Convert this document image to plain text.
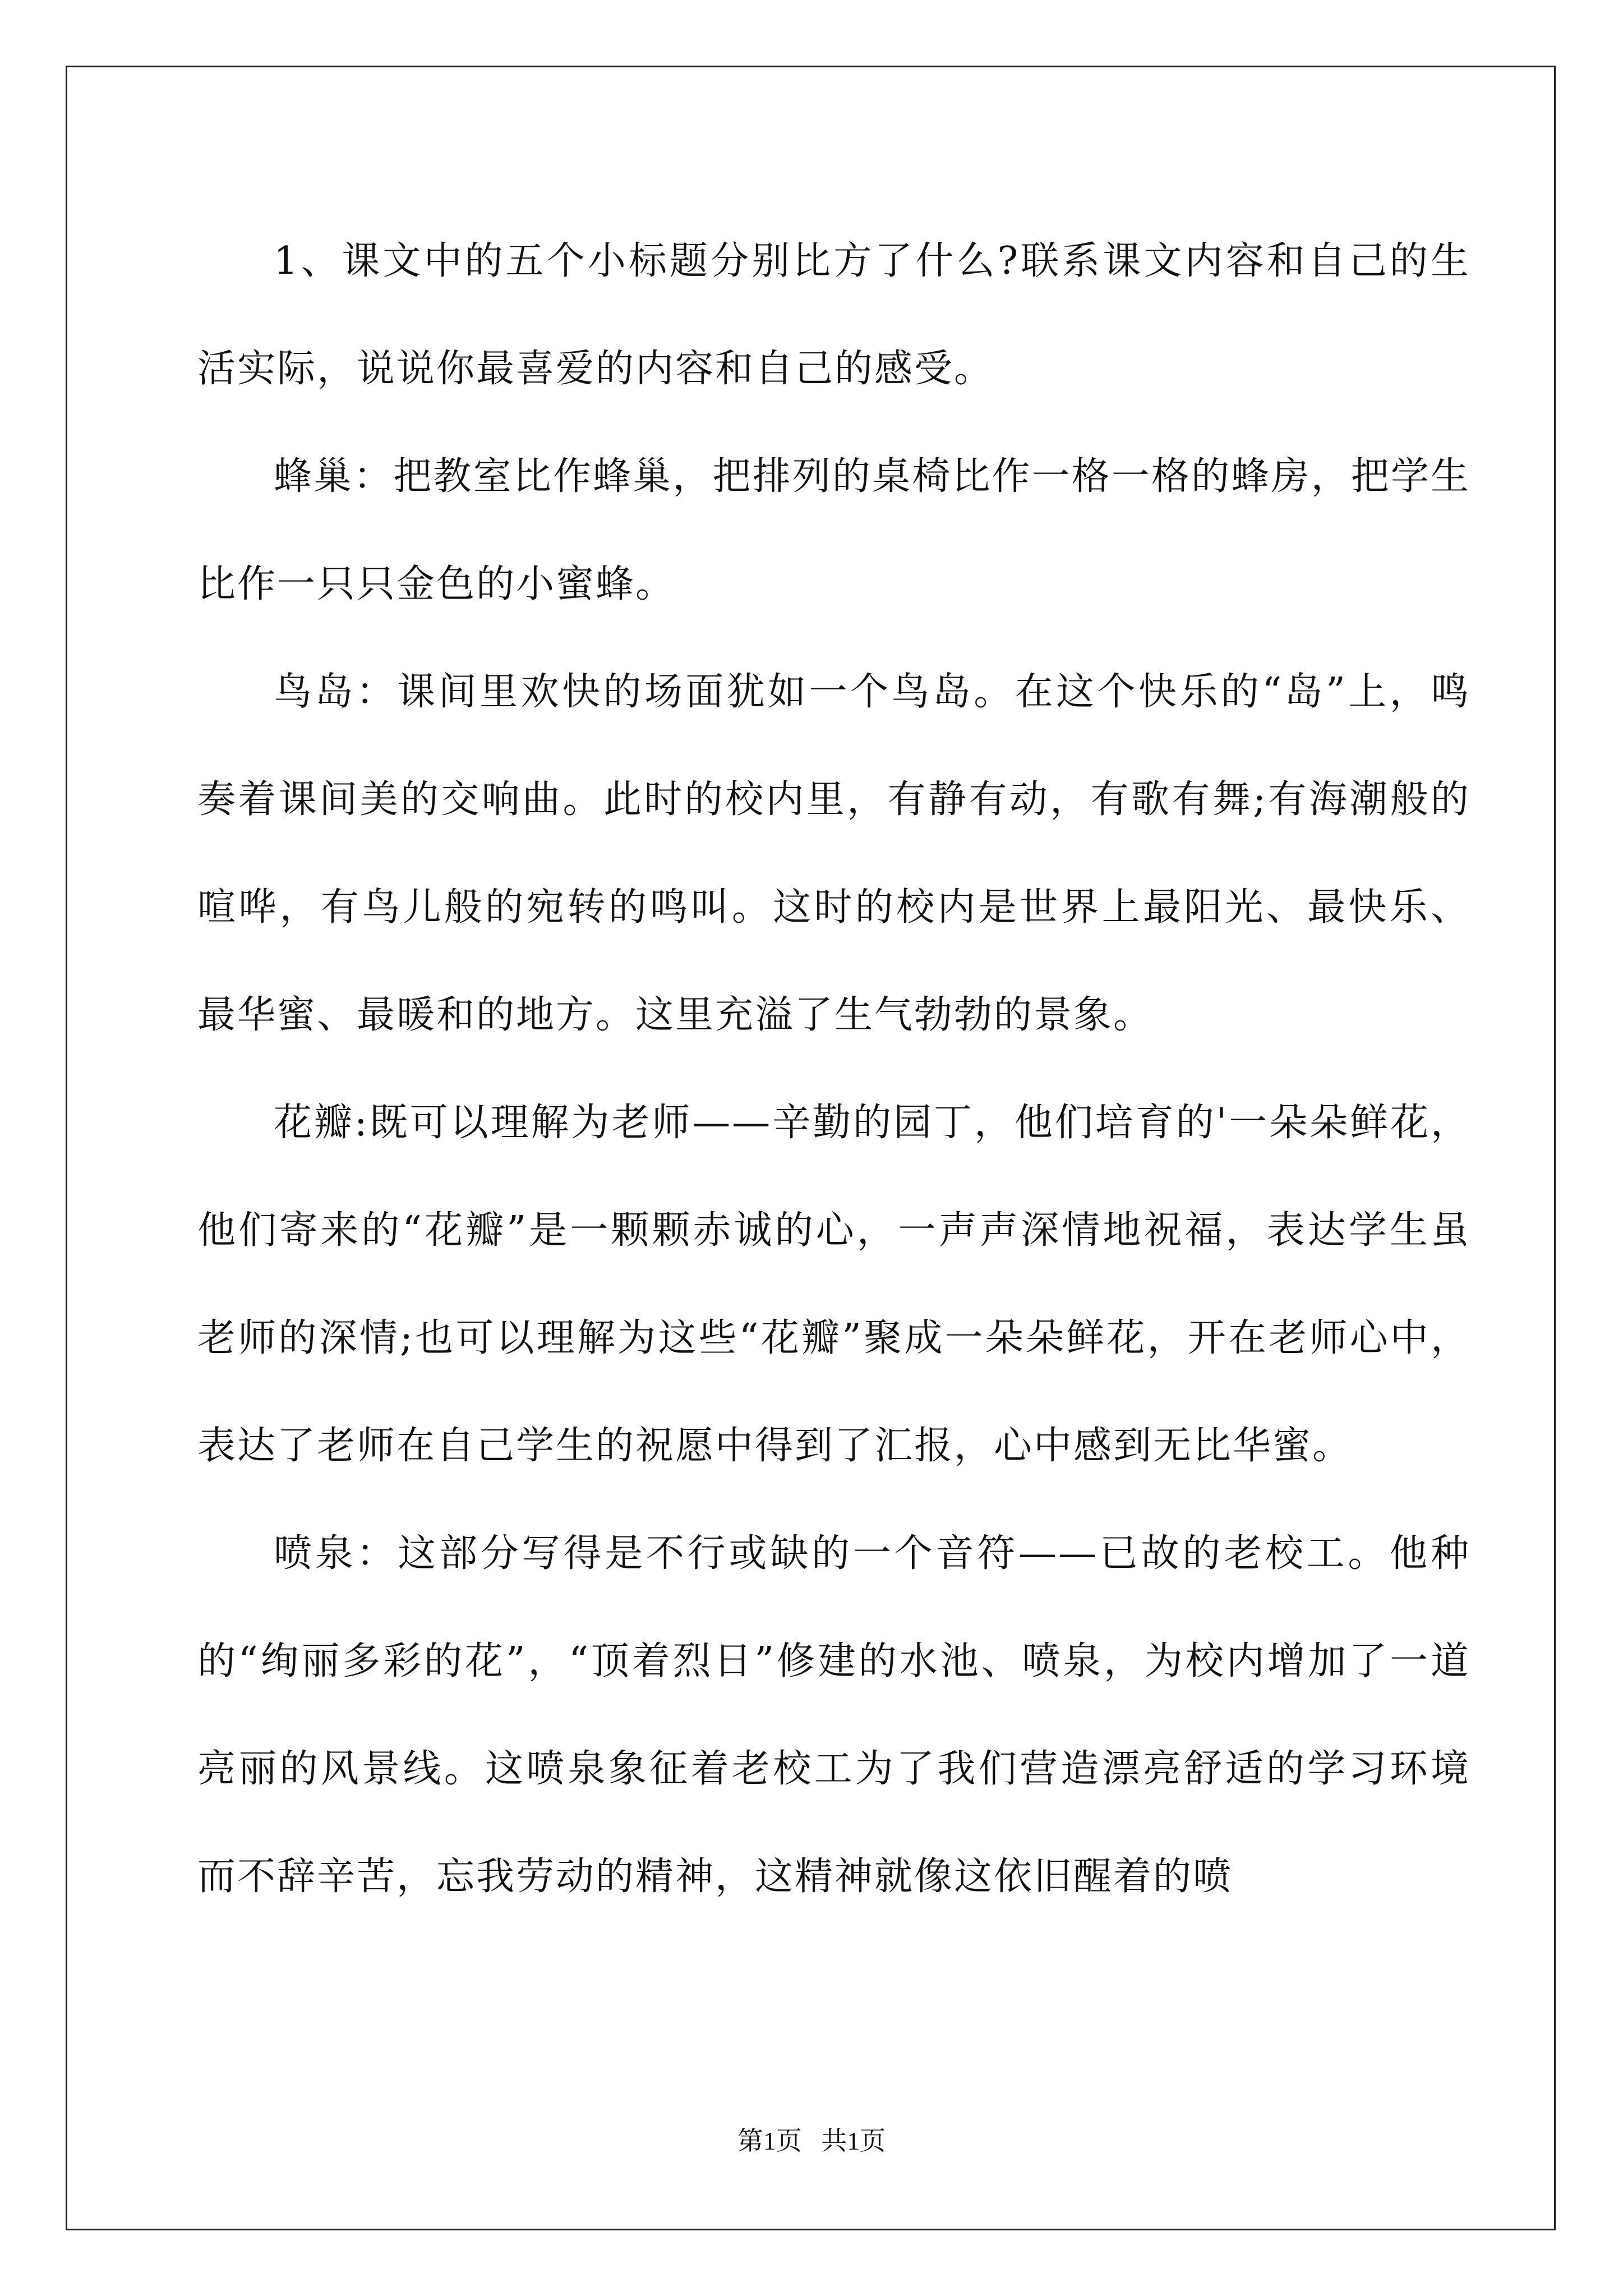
1、课文中的五个小标题分别比方了什么?联系课文内容和自己的生活实际，说说你最喜爱的内容和自己的感受。

蜂巢：把教室比作蜂巢，把排列的桌椅比作一格一格的蜂房，把学生比作一只只金色的小蜜蜂。

鸟岛：课间里欢快的场面犹如一个鸟岛。在这个快乐的“岛”上，鸣奏着课间美的交响曲。此时的校内里，有静有动，有歌有舞;有海潮般的喧哗，有鸟儿般的宛转的鸣叫。这时的校内是世界上最阳光、最快乐、最华蜜、最暖和的地方。这里充溢了生气勃勃的景象。

花瓣:既可以理解为老师——辛勤的园丁，他们培育的'一朵朵鲜花，他们寄来的“花瓣”是一颗颗赤诚的心，一声声深情地祝福，表达学生虽老师的深情;也可以理解为这些“花瓣”聚成一朵朵鲜花，开在老师心中，表达了老师在自己学生的祝愿中得到了汇报，心中感到无比华蜜。

喷泉：这部分写得是不行或缺的一个音符——已故的老校工。他种的“绚丽多彩的花”，“顶着烈日”修建的水池、喷泉，为校内增加了一道亮丽的风景线。这喷泉象征着老校工为了我们营造漂亮舒适的学习环境而不辞辛苦，忘我劳动的精神，这精神就像这依旧醒着的喷

第1页   共1页
